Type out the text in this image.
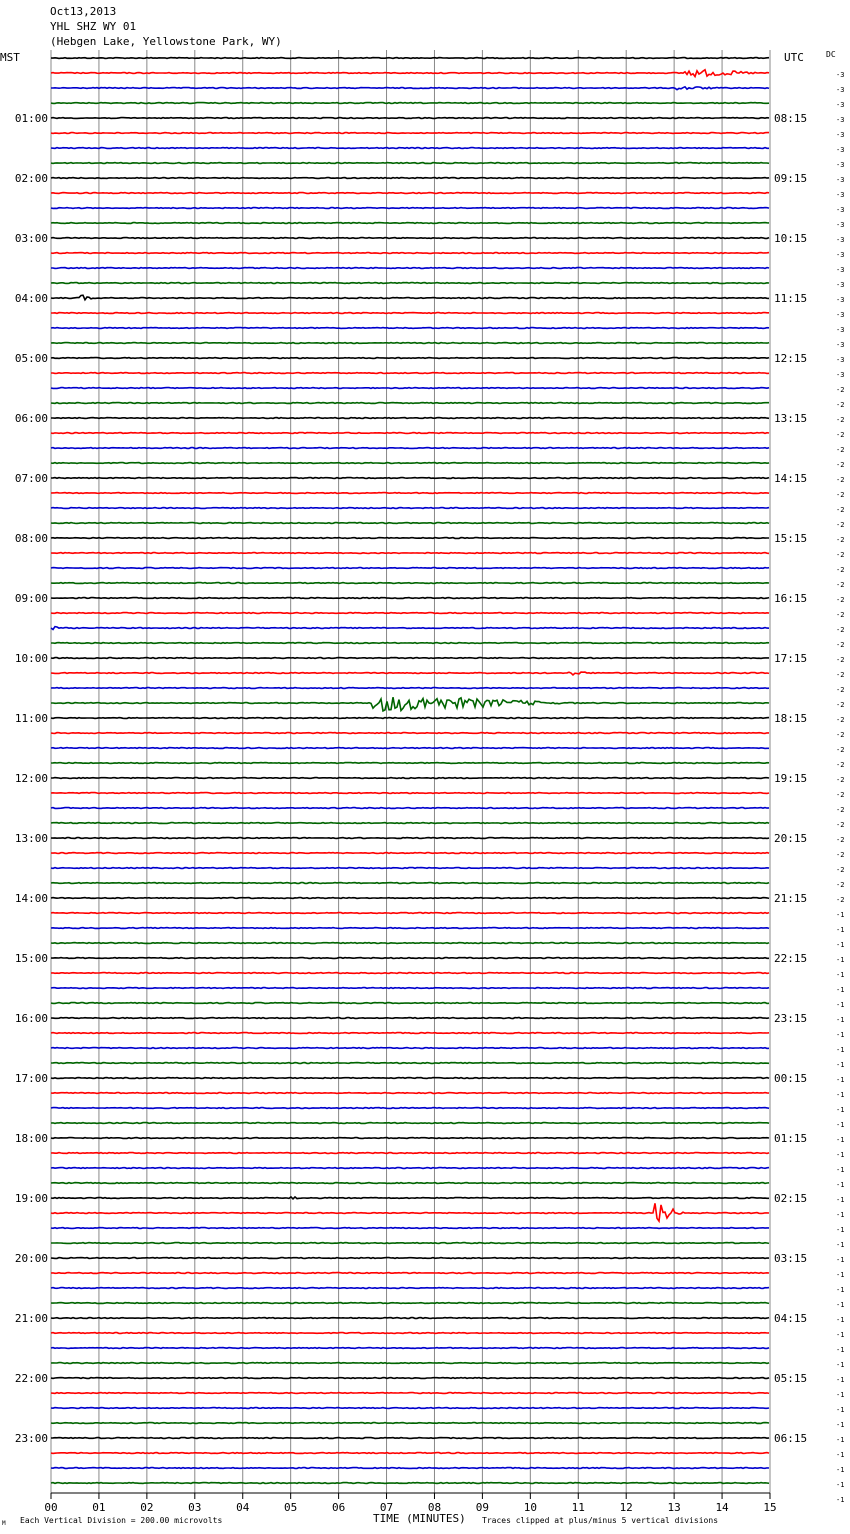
Oct13,2013
YHL SHZ WY 01
(Hebgen Lake, Yellowstone Park, WY)
MST	UTC	DC
TIME (MINUTES)
Each Vertical Division = 200.00 microvolts	Traces clipped at plus/minus 5 vertical divisions
M
00	01	02	03	04	05	06	07	08	09	10	11	12	13	14	15
-3
-3
-3
-3
-3
01:00	08:15
-3
-3
-3
-3
02:00	09:15
-3
-3
-3
-3
03:00	10:15
-3
-3
-3
-3
04:00	11:15
-3
-3
-3
-3
05:00	12:15
-2
-2
-2
-2
06:00	13:15
-2
-2
-2
-2
07:00	14:15
-2
-2
-2
-2
08:00	15:15
-2
-2
-2
-2
09:00	16:15
-2
-2
-2
-2
10:00	17:15
-2
-2
-2
-2
11:00	18:15
-2
-2
-2
-2
12:00	19:15
-2
-2
-2
-2
13:00	20:15
-2
-2
-2
-1
14:00	21:15
-1
-1
-1
-1
15:00	22:15
-1
-1
-1
-1
16:00	23:15
-1
-1
-1
-1
17:00	00:15
-1
-1
-1
-1
18:00	01:15
-1
-1
-1
-1
19:00	02:15
-1
-1
-1
-1
20:00	03:15
-1
-1
-1
-1
21:00	04:15
-1
-1
-1
-1
22:00	05:15
-1
-1
-1
-1
23:00	06:15
-1
-1
-1
